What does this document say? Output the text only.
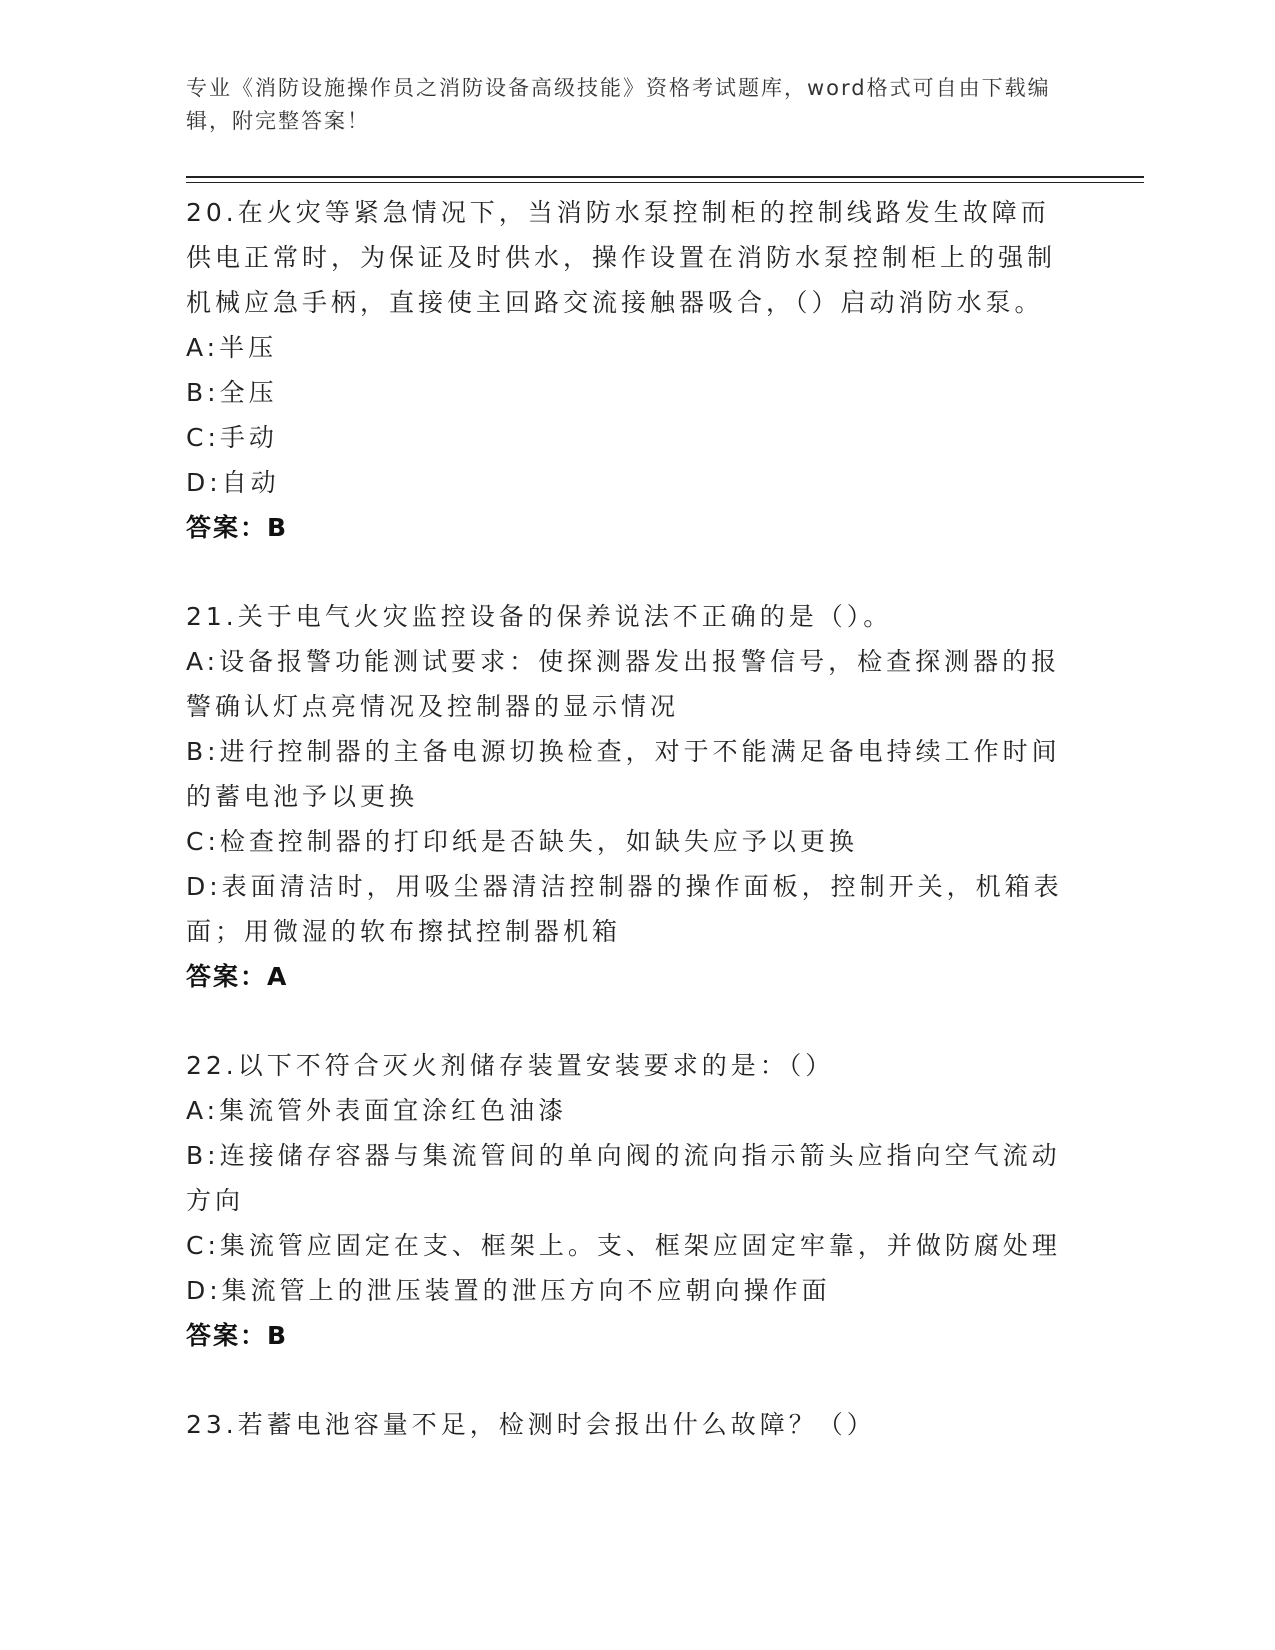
专业《消防设施操作员之消防设备高级技能》资格考试题库，word格式可自由下载编辑，附完整答案！
20.在火灾等紧急情况下，当消防水泵控制柜的控制线路发生故障而供电正常时，为保证及时供水，操作设置在消防水泵控制柜上的强制机械应急手柄，直接使主回路交流接触器吸合，（）启动消防水泵。
A:半压
B:全压
C:手动
D:自动
答案：B
21.关于电气火灾监控设备的保养说法不正确的是（）。
A:设备报警功能测试要求：使探测器发出报警信号，检查探测器的报警确认灯点亮情况及控制器的显示情况
B:进行控制器的主备电源切换检查，对于不能满足备电持续工作时间的蓄电池予以更换
C:检查控制器的打印纸是否缺失，如缺失应予以更换
D:表面清洁时，用吸尘器清洁控制器的操作面板，控制开关，机箱表面；用微湿的软布擦拭控制器机箱
答案：A
22.以下不符合灭火剂储存装置安装要求的是：（）
A:集流管外表面宜涂红色油漆
B:连接储存容器与集流管间的单向阀的流向指示箭头应指向空气流动方向
C:集流管应固定在支、框架上。支、框架应固定牢靠，并做防腐处理
D:集流管上的泄压装置的泄压方向不应朝向操作面
答案：B
23.若蓄电池容量不足，检测时会报出什么故障？（）
